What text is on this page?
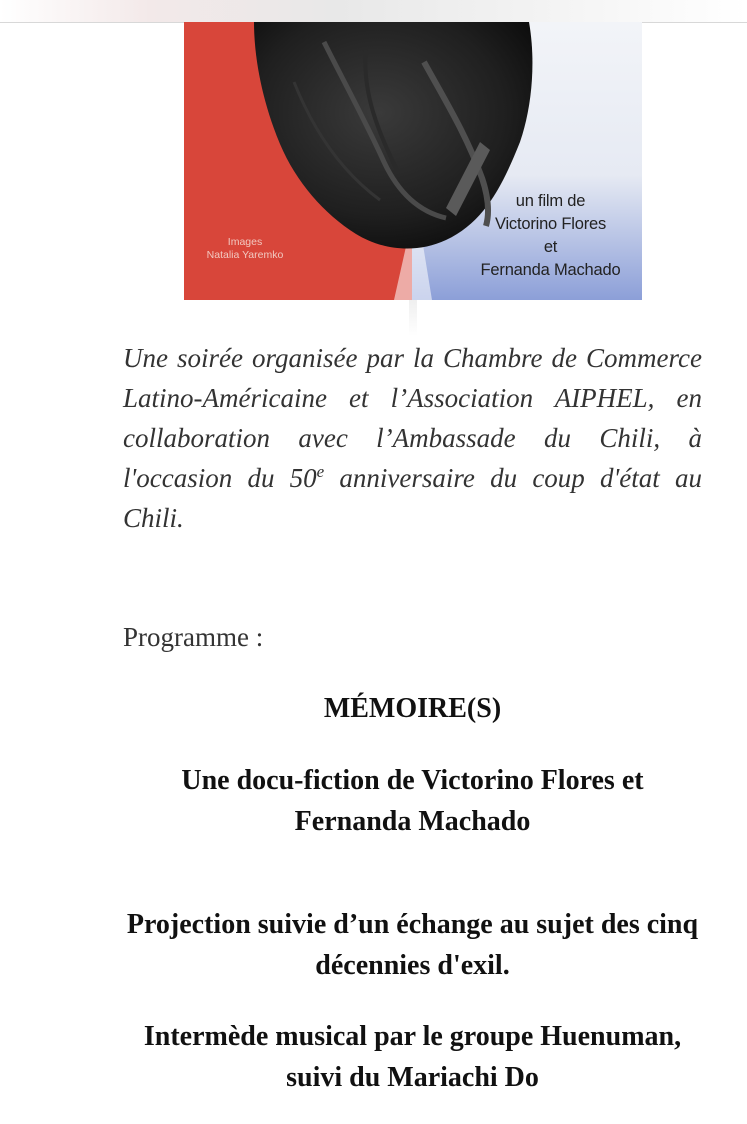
un film de
Victorino Flores
et
Fernanda Machado
Images
Natalia Yaremko

Une soirée organisée par la Chambre de Commerce Latino-Américaine et l’Association AIPHEL, en collaboration avec l’Ambassade du Chili, à l'occasion du 50e anniversaire du coup d'état au Chili.

Programme :

MÉMOIRE(S)

Une docu-fiction de Victorino Flores et Fernanda Machado

Projection suivie d’un échange au sujet des cinq décennies d'exil.

Intermède musical par le groupe Huenuman, suivi du Mariachi Do
